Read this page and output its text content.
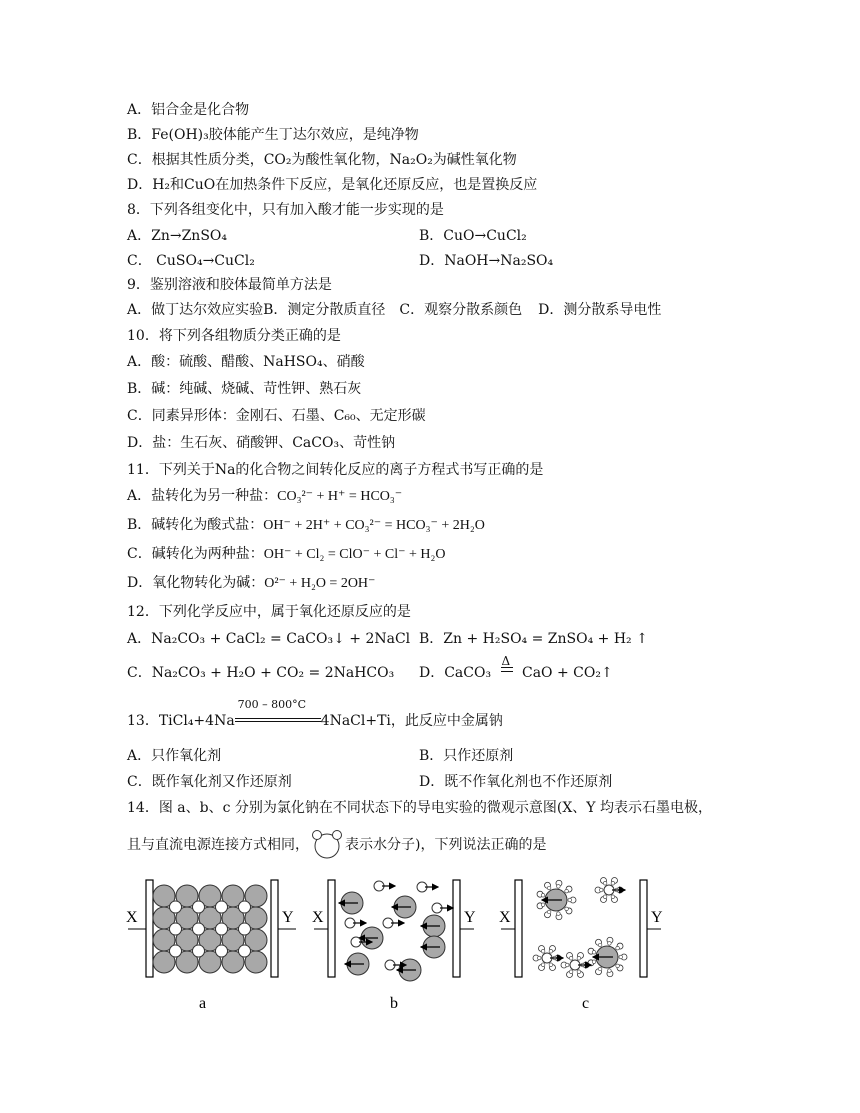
A．铝合金是化合物
B．Fe(OH)₃胶体能产生丁达尔效应，是纯净物
C．根据其性质分类，CO₂为酸性氧化物，Na₂O₂为碱性氧化物
D．H₂和CuO在加热条件下反应，是氧化还原反应，也是置换反应
8．下列各组变化中，只有加入酸才能一步实现的是
A．Zn→ZnSO₄	B．CuO→CuCl₂
C． CuSO₄→CuCl₂	D．NaOH→Na₂SO₄
9．鉴别溶液和胶体最简单方法是
A．做丁达尔效应实验B．测定分散质直径 C．观察分散系颜色 D．测分散系导电性
10．将下列各组物质分类正确的是
A．酸：硫酸、醋酸、NaHSO₄、硝酸
B．碱：纯碱、烧碱、苛性钾、熟石灰
C．同素异形体：金刚石、石墨、C₆₀、无定形碳
D．盐：生石灰、硝酸钾、CaCO₃、苛性钠
11．下列关于Na的化合物之间转化反应的离子方程式书写正确的是
A．盐转化为另一种盐：CO₃²⁻ + H⁺ = HCO₃⁻
B．碱转化为酸式盐：OH⁻ + 2H⁺ + CO₃²⁻ = HCO₃⁻ + 2H₂O
C．碱转化为两种盐：OH⁻ + Cl₂ = ClO⁻ + Cl⁻ + H₂O
D．氧化物转化为碱：O²⁻ + H₂O = 2OH⁻
12．下列化学反应中，属于氧化还原反应的是
A．Na₂CO₃ + CaCl₂ = CaCO₃↓ + 2NaCl B．Zn + H₂SO₄ = ZnSO₄ + H₂ ↑
C．Na₂CO₃ + H₂O + CO₂ = 2NaHCO₃ D．CaCO₃
Δ
CaO + CO₂↑
13．TiCl₄+4Na
700 – 800°C
4NaCl+Ti，此反应中金属钠
A．只作氧化剂	B．只作还原剂
C．既作氧化剂又作还原剂	D．既不作氧化剂也不作还原剂
14．图 a、b、c 分别为氯化钠在不同状态下的导电实验的微观示意图(X、Y 均表示石墨电极，
且与直流电源连接方式相同，	表示水分子)，下列说法正确的是
X	Y
a
X	Y
b
X	Y
c
